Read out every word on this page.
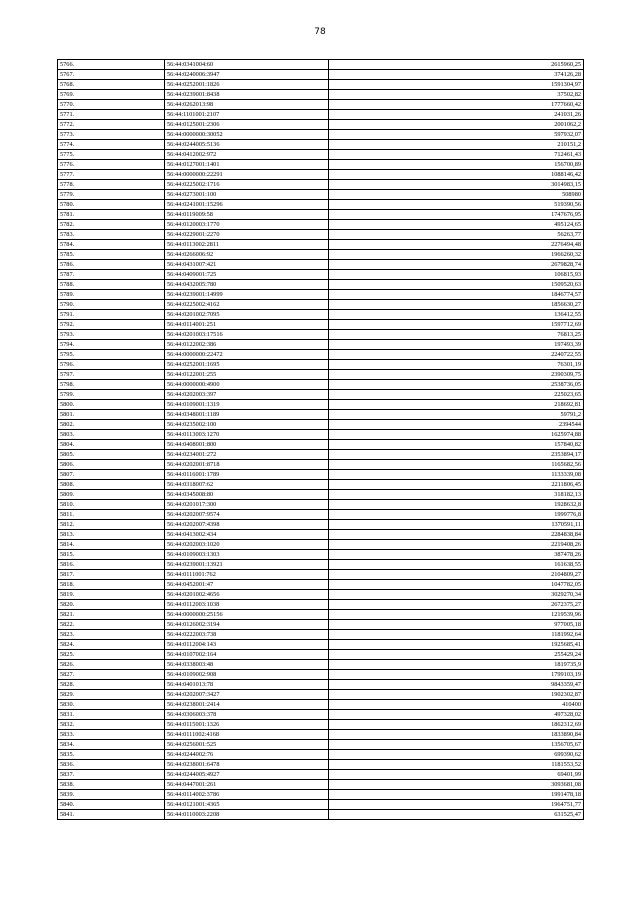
78
5766.	56:44:0341004:60	2615960,25
5767.	56:44:0240006:3947	374126,28
5768.	56:44:0252001:1826	1591304,97
5769.	56:44:0239001:8438	37502,82
5770.	56:44:0262013:98	1777660,42
5771.	56:44:1101001:2107	241031,26
5772.	56:44:0125001:2306	2001062,2
5773.	56:44:0000000:30052	597932,07
5774.	56:44:0244005:5136	210151,2
5775.	56:44:0412002:972	712461,43
5776.	56:44:0127001:1401	156700,89
5777.	56:44:0000000:22291	1088146,42
5778.	56:44:0225002:1716	3014983,15
5779.	56:44:0273001:100	508980
5780.	56:44:0241001:15296	519390,56
5781.	56:44:0119009:58	1747676,95
5782.	56:44:0120003:1770	495124,65
5783.	56:44:0229001:2270	56263,77
5784.	56:44:0113002:2811	2276494,48
5785.	56:44:0266006:92	1966260,32
5786.	56:44:0431007:421	2679828,74
5787.	56:44:0409001:725	106815,93
5788.	56:44:0432005:780	1509520,63
5789.	56:44:0239001:14999	1846774,57
5790.	56:44:0225002:4162	1856630,27
5791.	56:44:0201002:7095	136412,55
5792.	56:44:0114001:251	1597712,69
5793.	56:44:0201003:17516	76813,25
5794.	56:44:0122002:386	197493,39
5795.	56:44:0000000:22472	2240722,55
5796.	56:44:0252001:1695	76301,19
5797.	56:44:0122001:255	2390309,75
5798.	56:44:0000000:4900	2538736,05
5799.	56:44:0202003:397	225023,65
5800.	56:44:0109001:1319	218692,81
5801.	56:44:0348001:1189	59791,2
5802.	56:44:0235002:100	2394544
5803.	56:44:0113003:1270	1625974,88
5804.	56:44:0408001:800	157840,82
5805.	56:44:0234001:272	2353894,17
5806.	56:44:0202001:8718	1165682,56
5807.	56:44:0116001:1789	1133339,08
5808.	56:44:0318007:62	2211806,45
5809.	56:44:0345008:80	318182,13
5810.	56:44:0201017:300	1928632,8
5811.	56:44:0202007:9574	1999776,8
5812.	56:44:0202007:4398	1370591,11
5813.	56:44:0413002:434	2284838,84
5814.	56:44:0202003:1020	2219408,26
5815.	56:44:0109003:1303	387478,26
5816.	56:44:0239001:13921	161638,55
5817.	56:44:0111001:762	2104809,27
5818.	56:44:0452001:47	1047782,05
5819.	56:44:0201002:4656	3029270,34
5820.	56:44:0112003:1038	2672375,27
5821.	56:44:0000000:25156	1219539,96
5822.	56:44:0126002:3194	977005,18
5823.	56:44:0222003:738	1181992,64
5824.	56:44:0112004:143	1925685,41
5825.	56:44:0107002:164	255429,24
5826.	56:44:0338003:48	1819735,9
5827.	56:44:0109002:908	1799103,19
5828.	56:44:0401013:78	9843359,47
5829.	56:44:0202007:3427	1902302,87
5830.	56:44:0238001:2414	410400
5831.	56:44:0306003:378	497328,02
5832.	56:44:0115001:1326	1862312,69
5833.	56:44:0111002:4168	1833890,84
5834.	56:44:0256001:525	1356705,67
5835.	56:44:0244002:76	699390,62
5836.	56:44:0238001:6478	1181553,52
5837.	56:44:0244005:4927	69401,99
5838.	56:44:0447001:261	3093681,08
5839.	56:44:0114002:3786	1991478,18
5840.	56:44:0121001:4365	1964751,77
5841.	56:44:0110003:2208	631525,47
